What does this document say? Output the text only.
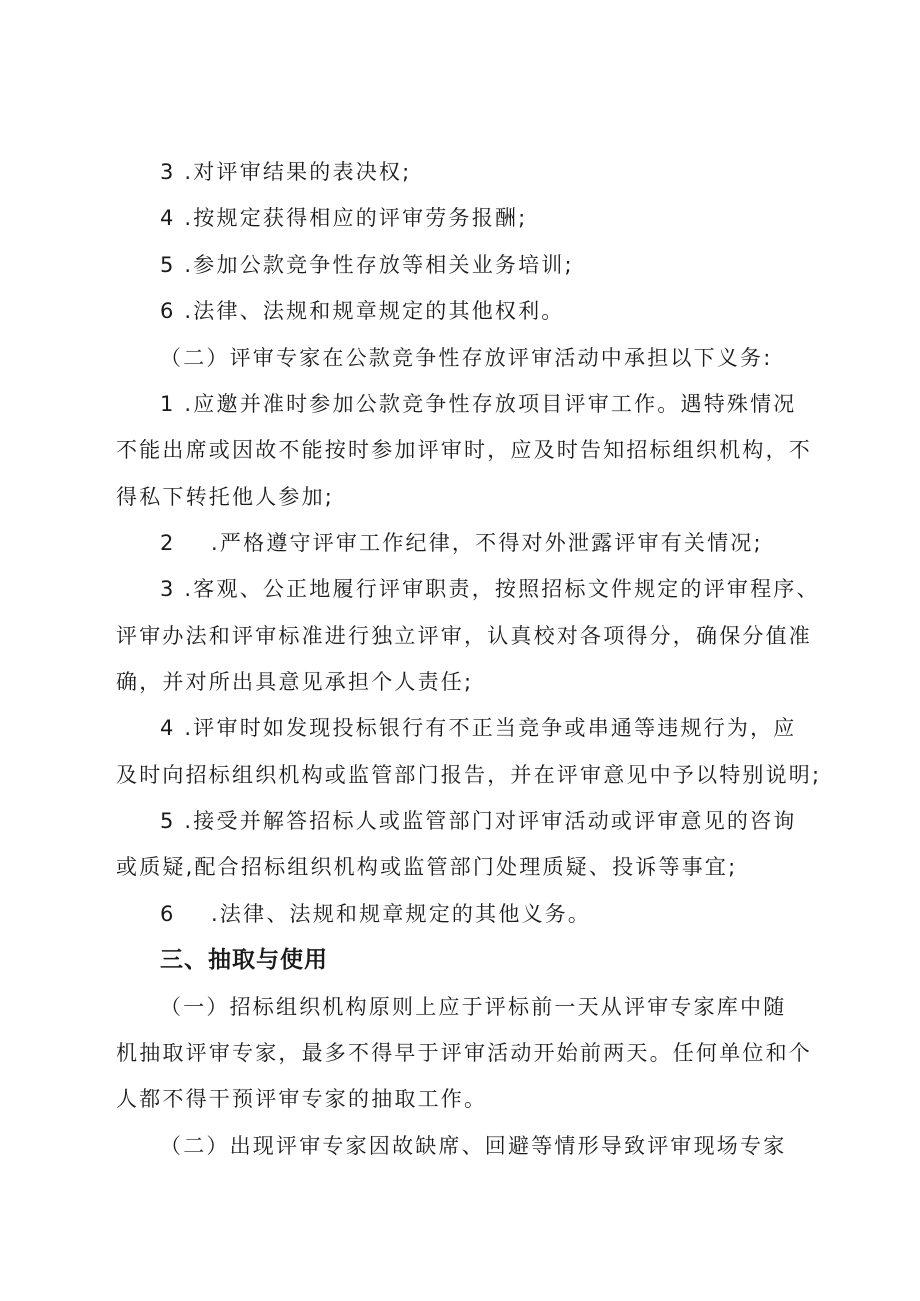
3 .对评审结果的表决权;
4 .按规定获得相应的评审劳务报酬;
5 .参加公款竞争性存放等相关业务培训;
6 .法律、法规和规章规定的其他权利。
（二）评审专家在公款竞争性存放评审活动中承担以下义务:
1 .应邀并准时参加公款竞争性存放项目评审工作。遇特殊情况
不能出席或因故不能按时参加评审时，应及时告知招标组织机构，不
得私下转托他人参加;
2    .严格遵守评审工作纪律，不得对外泄露评审有关情况;
3 .客观、公正地履行评审职责，按照招标文件规定的评审程序、
评审办法和评审标准进行独立评审，认真校对各项得分，确保分值准
确，并对所出具意见承担个人责任;
4 .评审时如发现投标银行有不正当竞争或串通等违规行为，应
及时向招标组织机构或监管部门报告，并在评审意见中予以特别说明;
5 .接受并解答招标人或监管部门对评审活动或评审意见的咨询
或质疑,配合招标组织机构或监管部门处理质疑、投诉等事宜;
6    .法律、法规和规章规定的其他义务。
三、抽取与使用
（一）招标组织机构原则上应于评标前一天从评审专家库中随
机抽取评审专家，最多不得早于评审活动开始前两天。任何单位和个
人都不得干预评审专家的抽取工作。
（二）出现评审专家因故缺席、回避等情形导致评审现场专家
